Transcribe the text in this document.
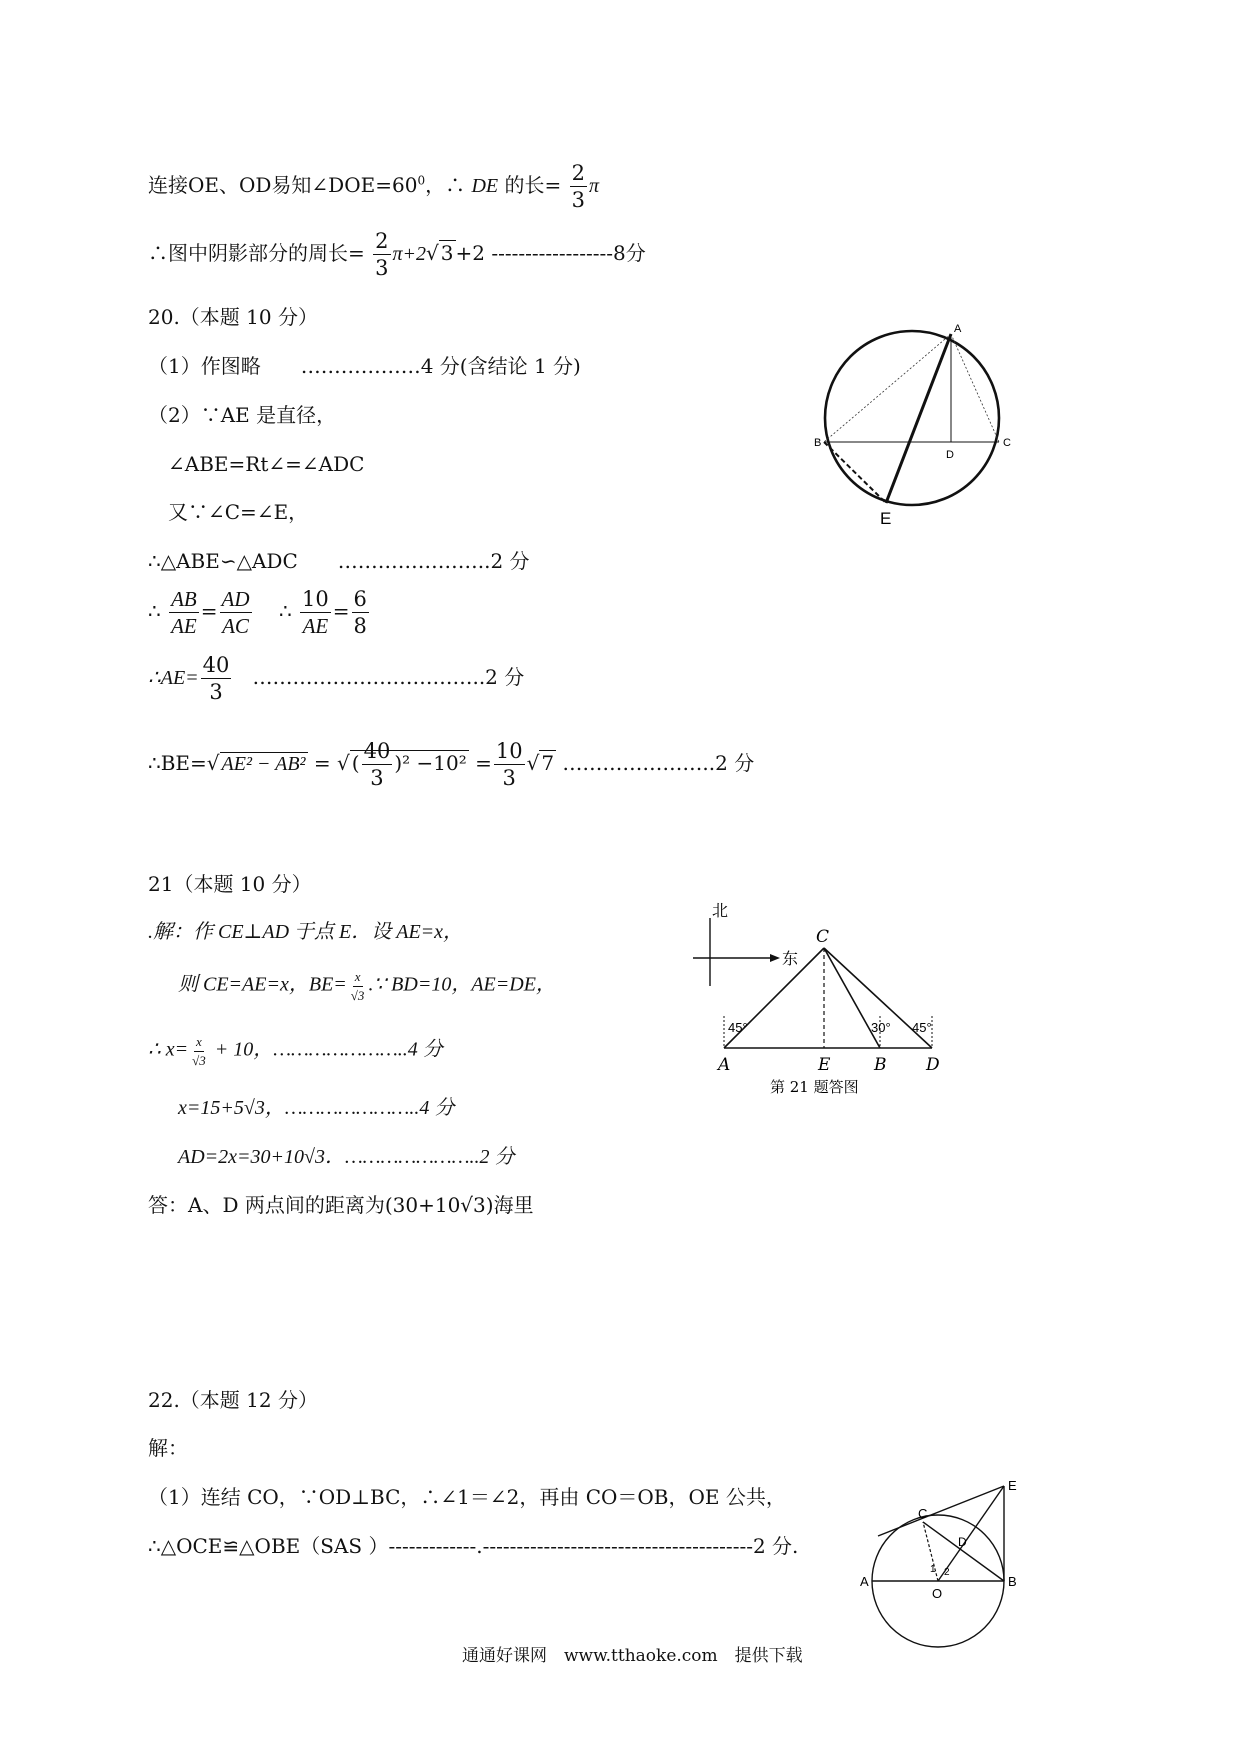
连接OE、OD易知$\angle DOE=60^0$，∴ DE 的长= $\frac{2}{3}$ π
∴图中阴影部分的周长= $\frac{2}{3} \pi+2√$ 3 +2 ------------------8分
20.（本题 10 分）
（1）作图略　　………………4 分(含结论 1 分)
（2）∵AE 是直径，
∠ABE=Rt∠=∠ADC
又∵∠C=∠E，
∴△ABE∽△ADC　　…………………..2 分
∴ $\frac{AB}{AE} = \frac{AD}{AC}$ ∴ $\frac{10}{AE} = \frac{6}{8}$
∴AE= $\frac{40}{3}$ ……………………………..2 分
∴BE=√ AE² − AB² = √ ( $\frac{40}{3} )^2 -10^2 = \frac{10}{3}$ √ 7 …………………..2 分
A
B	C
D
E
21（本题 10 分）
.解：作 CE⊥AD 于点 E．设 AE=x，
则 CE=AE=x，$BE= \frac{x}{√3}$ .∵ BD=10，AE=DE，
∴ $x= \frac{x}{√3} + 10$，…………………..4 分
x=15+5√3，…………………..4 分
AD=2x=30+10√3．…………………..2 分
答：A、D 两点间的距离为(30+10√3)海里
北
东
C
A	E	B D
45°	30° 45°
第 21 题答图
22.（本题 12 分）
解：
（1）连结 CO，∵OD⊥BC，∴∠1＝∠2，再由 CO＝OB，OE 公共，
∴△OCE≌△OBE（SAS ）-------------.----------------------------------------2 分.
C
E
A	B
O
D
1 2
通通好课网　www.tthaoke.com　提供下载
